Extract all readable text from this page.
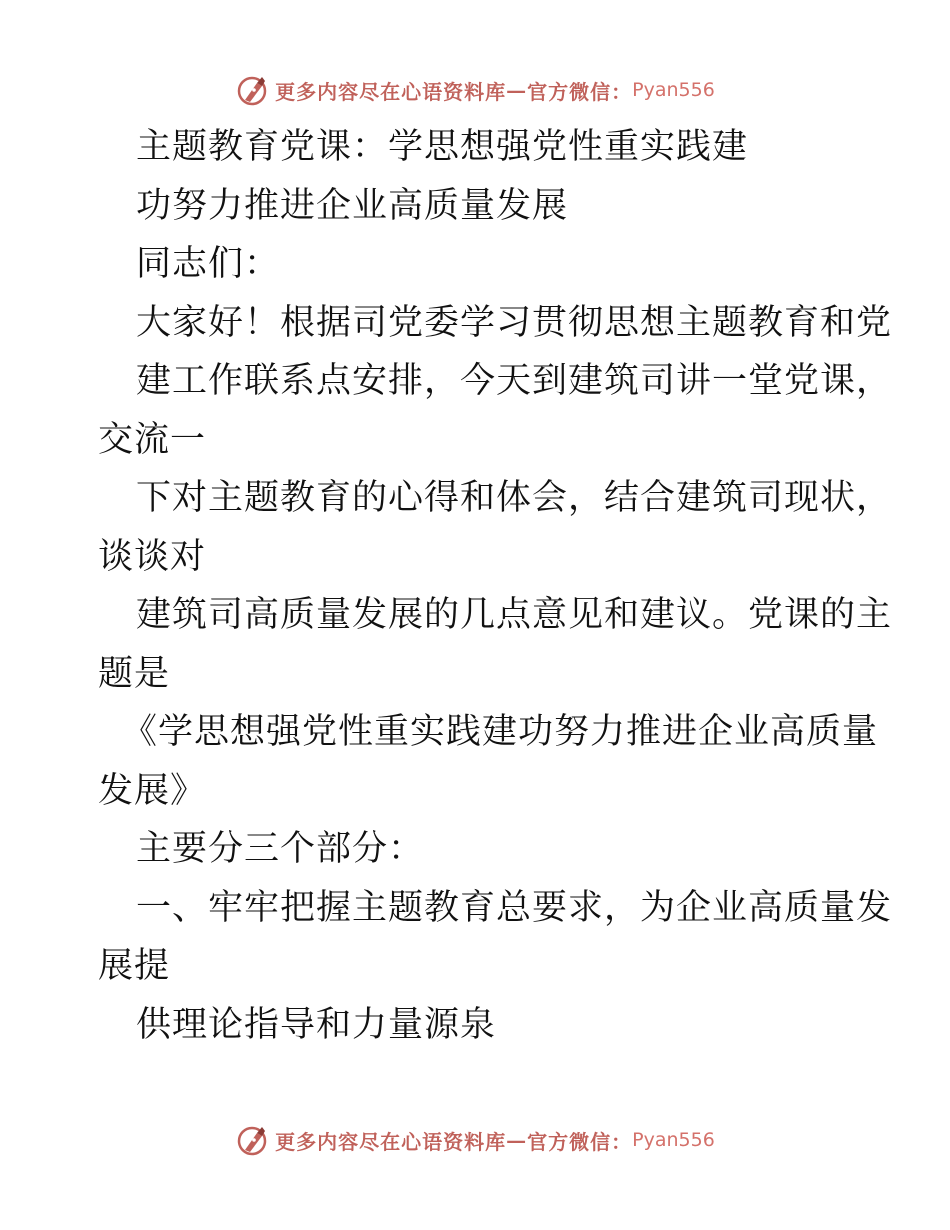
更多内容尽在心语资料库 — 官方微信： Pyan556
主题教育党课：学思想强党性重实践建
功努力推进企业高质量发展
同志们：
大家好！根据司党委学习贯彻思想主题教育和党
建工作联系点安排，今天到建筑司讲一堂党课，
交流一
下对主题教育的心得和体会，结合建筑司现状，
谈谈对
建筑司高质量发展的几点意见和建议。党课的主
题是
《学思想强党性重实践建功努力推进企业高质量
发展》
主要分三个部分：
一、牢牢把握主题教育总要求，为企业高质量发
展提
供理论指导和力量源泉
更多内容尽在心语资料库 — 官方微信： Pyan556
